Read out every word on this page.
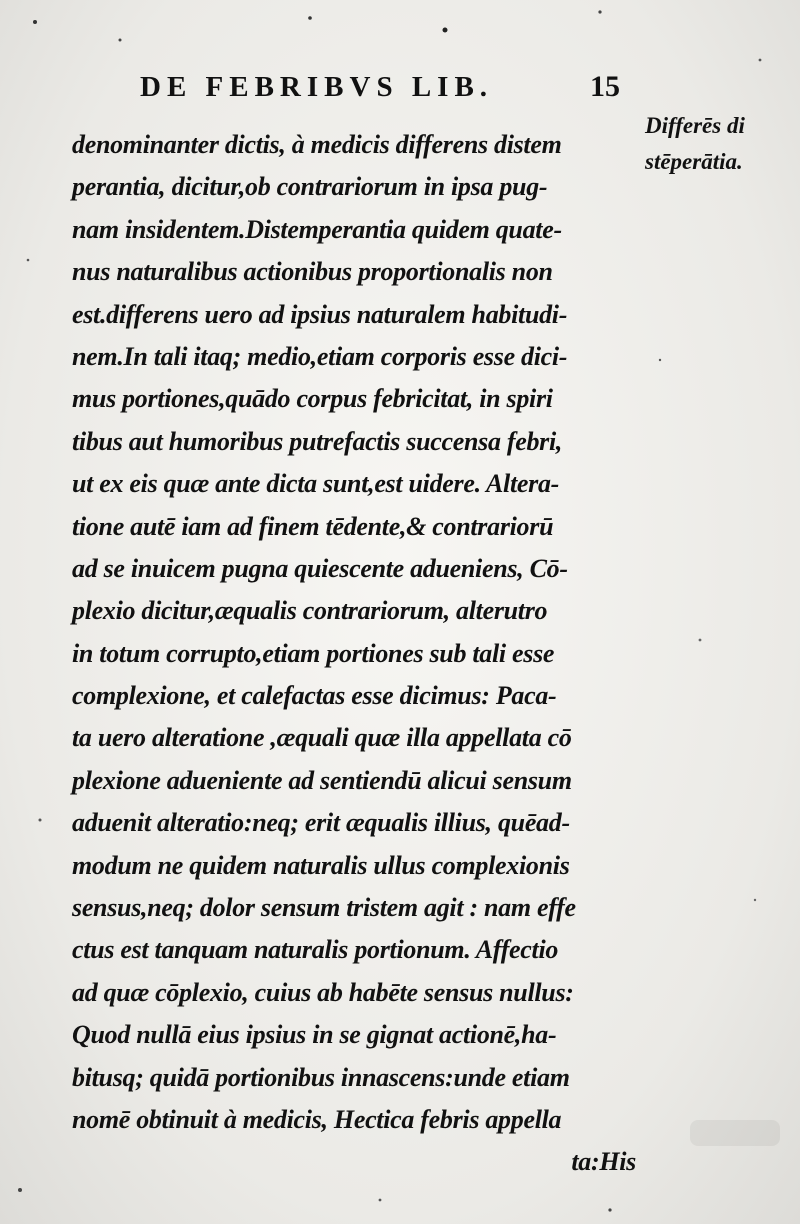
DE FEBRIBVS LIB.	15
Differēs di
stēperātia.
denominanter dictis, à medicis differens distem
perantia, dicitur,ob contrariorum in ipsa pug-
nam insidentem.Distemperantia quidem quate-
nus naturalibus actionibus proportionalis non
est.differens uero ad ipsius naturalem habitudi-
nem.In tali itaq; medio,etiam corporis esse dici-
mus portiones,quādo corpus febricitat, in spiri
tibus aut humoribus putrefactis succensa febri,
ut ex eis quæ ante dicta sunt,est uidere. Altera-
tione autē iam ad finem tēdente,& contrariorū
ad se inuicem pugna quiescente adueniens, Cō-
plexio dicitur,æqualis contrariorum, alterutro
in totum corrupto,etiam portiones sub tali esse
complexione, et calefactas esse dicimus: Paca-
ta uero alteratione ,æquali quæ illa appellata cō
plexione adueniente ad sentiendū alicui sensum
aduenit alteratio:neq; erit æqualis illius, quēad-
modum ne quidem naturalis ullus complexionis
sensus,neq; dolor sensum tristem agit : nam effe
ctus est tanquam naturalis portionum. Affectio
ad quæ cōplexio, cuius ab habēte sensus nullus:
Quod nullā eius ipsius in se gignat actionē,ha-
bitusq; quidā portionibus innascens:unde etiam
nomē obtinuit à medicis, Hectica febris appella
ta:His
